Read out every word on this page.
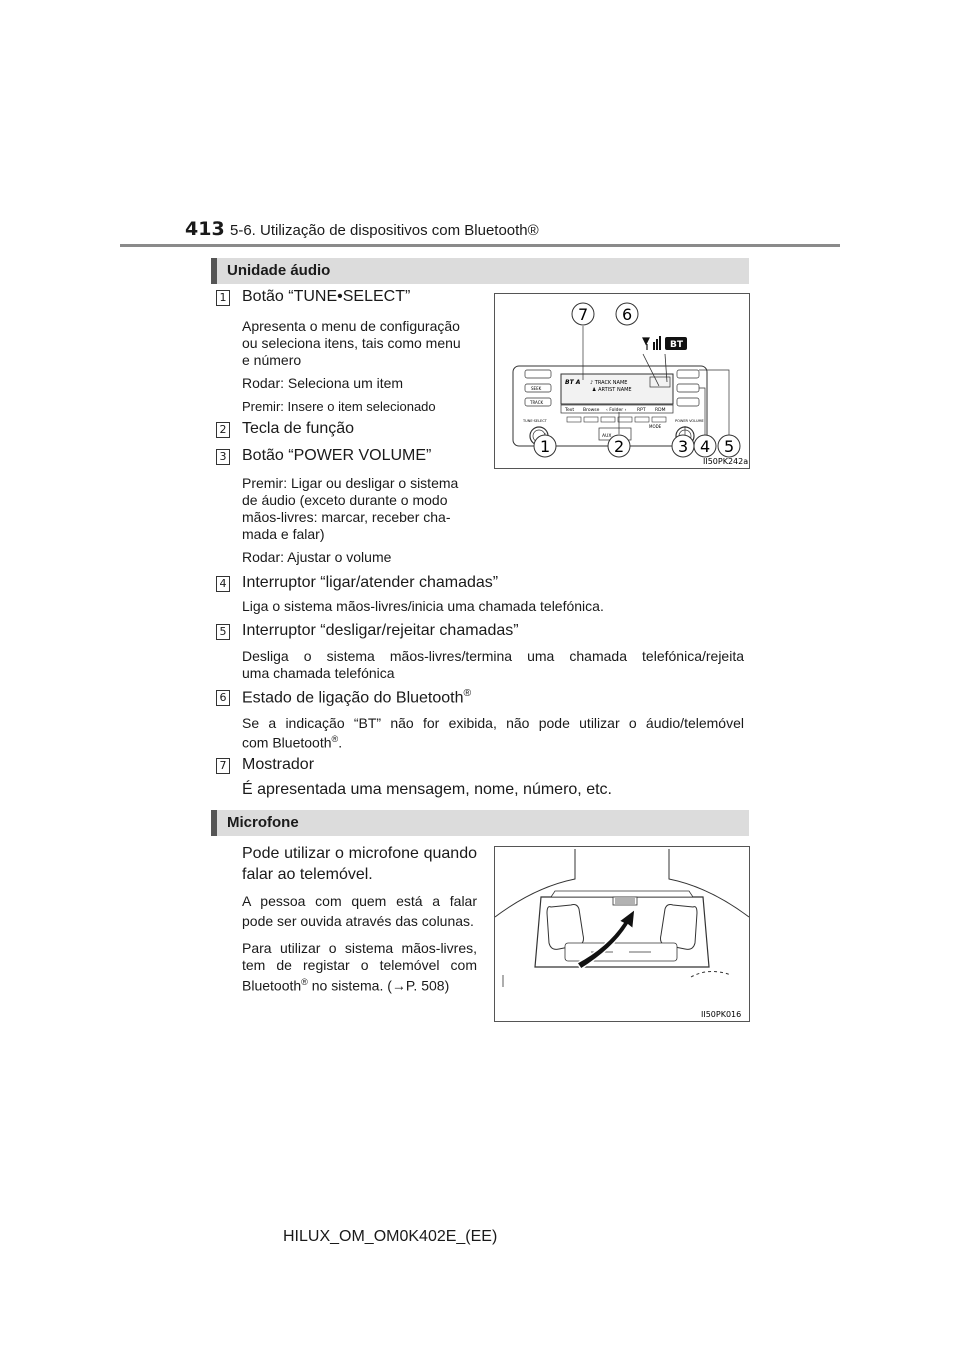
413 5-6. Utilização de dispositivos com Bluetooth®
Unidade áudio
1 Botão “TUNE•SELECT”
Apresenta o menu de configuração
ou seleciona itens, tais como menu
e número
Rodar: Seleciona um item
Premir: Insere o item selecionado
2 Tecla de função
3 Botão “POWER VOLUME”
Premir: Ligar ou desligar o sistema
de áudio (exceto durante o modo
mãos-livres: marcar, receber cha-
mada e falar)
Rodar: Ajustar o volume
BT A ♪ TRACK NAME
♟ ARTIST NAME
Text Browse ‹ Folder › RPT RDM
SEEK
TRACK
AUX
MODE
TUNE·SELECT	POWER VOLUME
BT
7 6
1	2	3 4 5
II50PK242a
4 Interruptor “ligar/atender chamadas”
Liga o sistema mãos-livres/inicia uma chamada telefónica.
5 Interruptor “desligar/rejeitar chamadas”
Desliga o sistema mãos-livres/termina uma chamada telefónica/rejeita
uma chamada telefónica
6 Estado de ligação do Bluetooth®
Se a indicação “BT” não for exibida, não pode utilizar o áudio/telemóvel
com Bluetooth®.
7 Mostrador
É apresentada uma mensagem, nome, número, etc.
Microfone
Pode utilizar o microfone quando
falar ao telemóvel.
A pessoa com quem está a falar
pode ser ouvida através das colunas.
Para utilizar o sistema mãos-livres,
tem de registar o telemóvel com
Bluetooth® no sistema. (→P. 508)
II50PK016
HILUX_OM_OM0K402E_(EE)
